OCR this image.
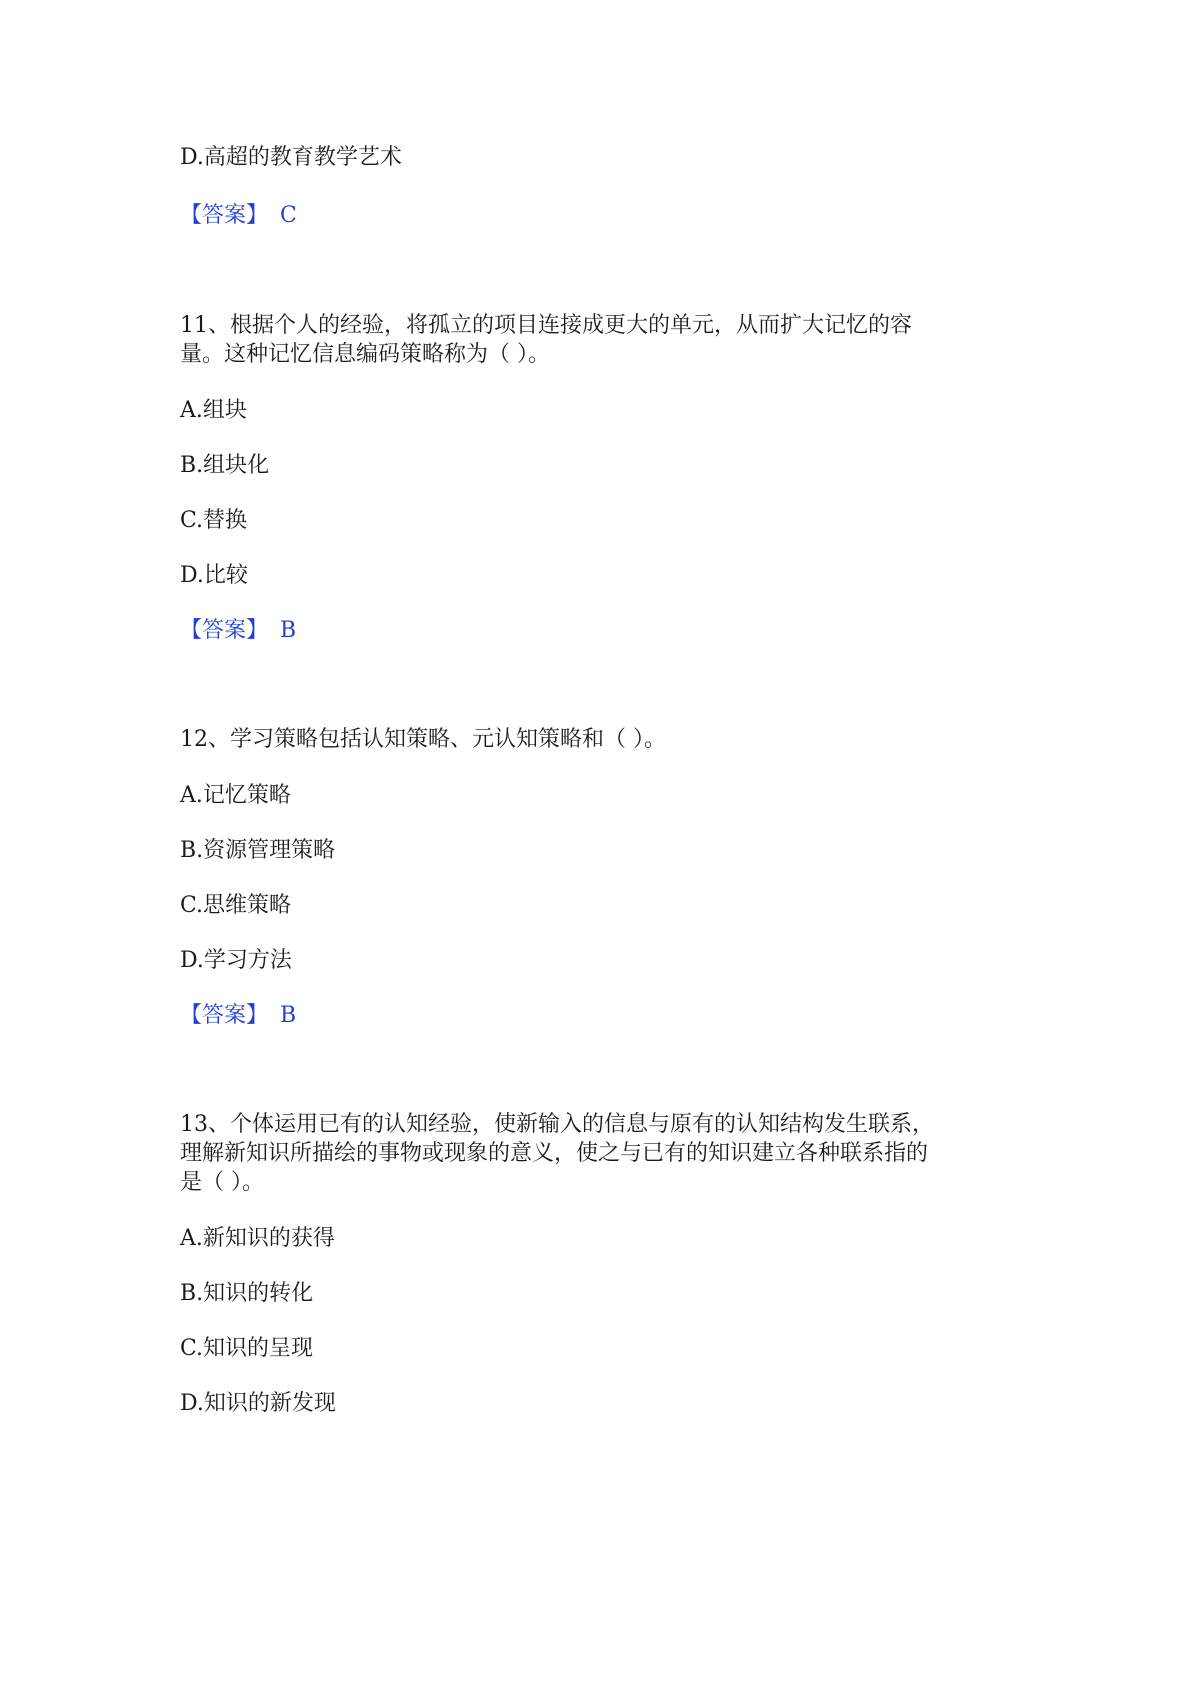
D.高超的教育教学艺术
【答案】 C
11、根据个人的经验，将孤立的项目连接成更大的单元，从而扩大记忆的容
量。这种记忆信息编码策略称为（ ）。
A.组块
B.组块化
C.替换
D.比较
【答案】 B
12、学习策略包括认知策略、元认知策略和（ ）。
A.记忆策略
B.资源管理策略
C.思维策略
D.学习方法
【答案】 B
13、个体运用已有的认知经验，使新输入的信息与原有的认知结构发生联系，
理解新知识所描绘的事物或现象的意义，使之与已有的知识建立各种联系指的
是（ ）。
A.新知识的获得
B.知识的转化
C.知识的呈现
D.知识的新发现
